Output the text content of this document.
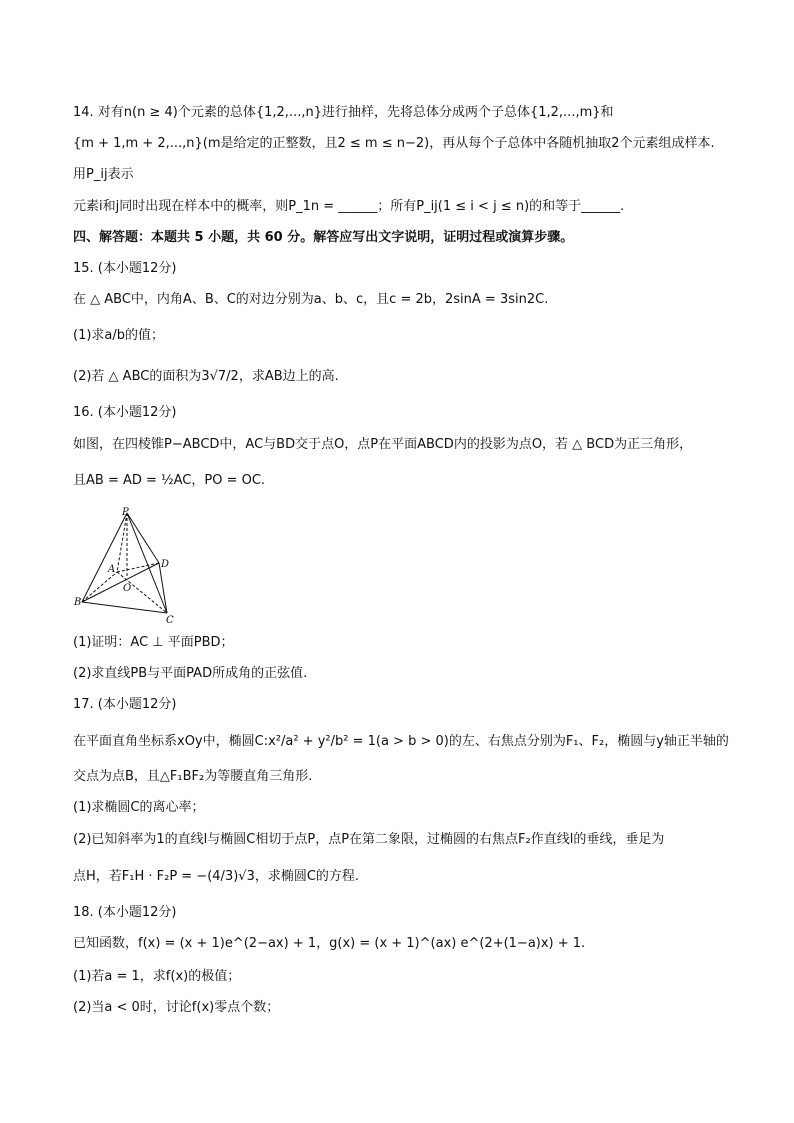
14. 对有n(n ≥ 4)个元素的总体{1,2,...,n}进行抽样，先将总体分成两个子总体{1,2,...,m}和
{m + 1,m + 2,...,n}(m是给定的正整数，且2 ≤ m ≤ n−2)，再从每个子总体中各随机抽取2个元素组成样本.
用P_ij表示
元素i和j同时出现在样本中的概率，则P_1n = ______；所有P_ij(1 ≤ i < j ≤ n)的和等于______.
四、解答题：本题共 5 小题，共 60 分。解答应写出文字说明，证明过程或演算步骤。
15. (本小题12分)
在 △ ABC中，内角A、B、C的对边分别为a、b、c，且c = 2b，2sinA = 3sin2C.
(1)求a/b的值；
(2)若 △ ABC的面积为3√7/2，求AB边上的高.
16. (本小题12分)
如图，在四棱锥P−ABCD中，AC与BD交于点O，点P在平面ABCD内的投影为点O，若 △ BCD为正三角形，
且AB = AD = ½AC，PO = OC.
P
A	D
O
B
C
(1)证明：AC ⊥ 平面PBD；
(2)求直线PB与平面PAD所成角的正弦值.
17. (本小题12分)
在平面直角坐标系xOy中，椭圆C:x²/a² + y²/b² = 1(a > b > 0)的左、右焦点分别为F₁、F₂，椭圆与y轴正半轴的
交点为点B，且△F₁BF₂为等腰直角三角形.
(1)求椭圆C的离心率；
(2)已知斜率为1的直线l与椭圆C相切于点P，点P在第二象限，过椭圆的右焦点F₂作直线l的垂线，垂足为
点H，若F₁H · F₂P = −(4/3)√3，求椭圆C的方程.
18. (本小题12分)
已知函数，f(x) = (x + 1)e^(2−ax) + 1，g(x) = (x + 1)^(ax) e^(2+(1−a)x) + 1.
(1)若a = 1，求f(x)的极值；
(2)当a < 0时，讨论f(x)零点个数；
